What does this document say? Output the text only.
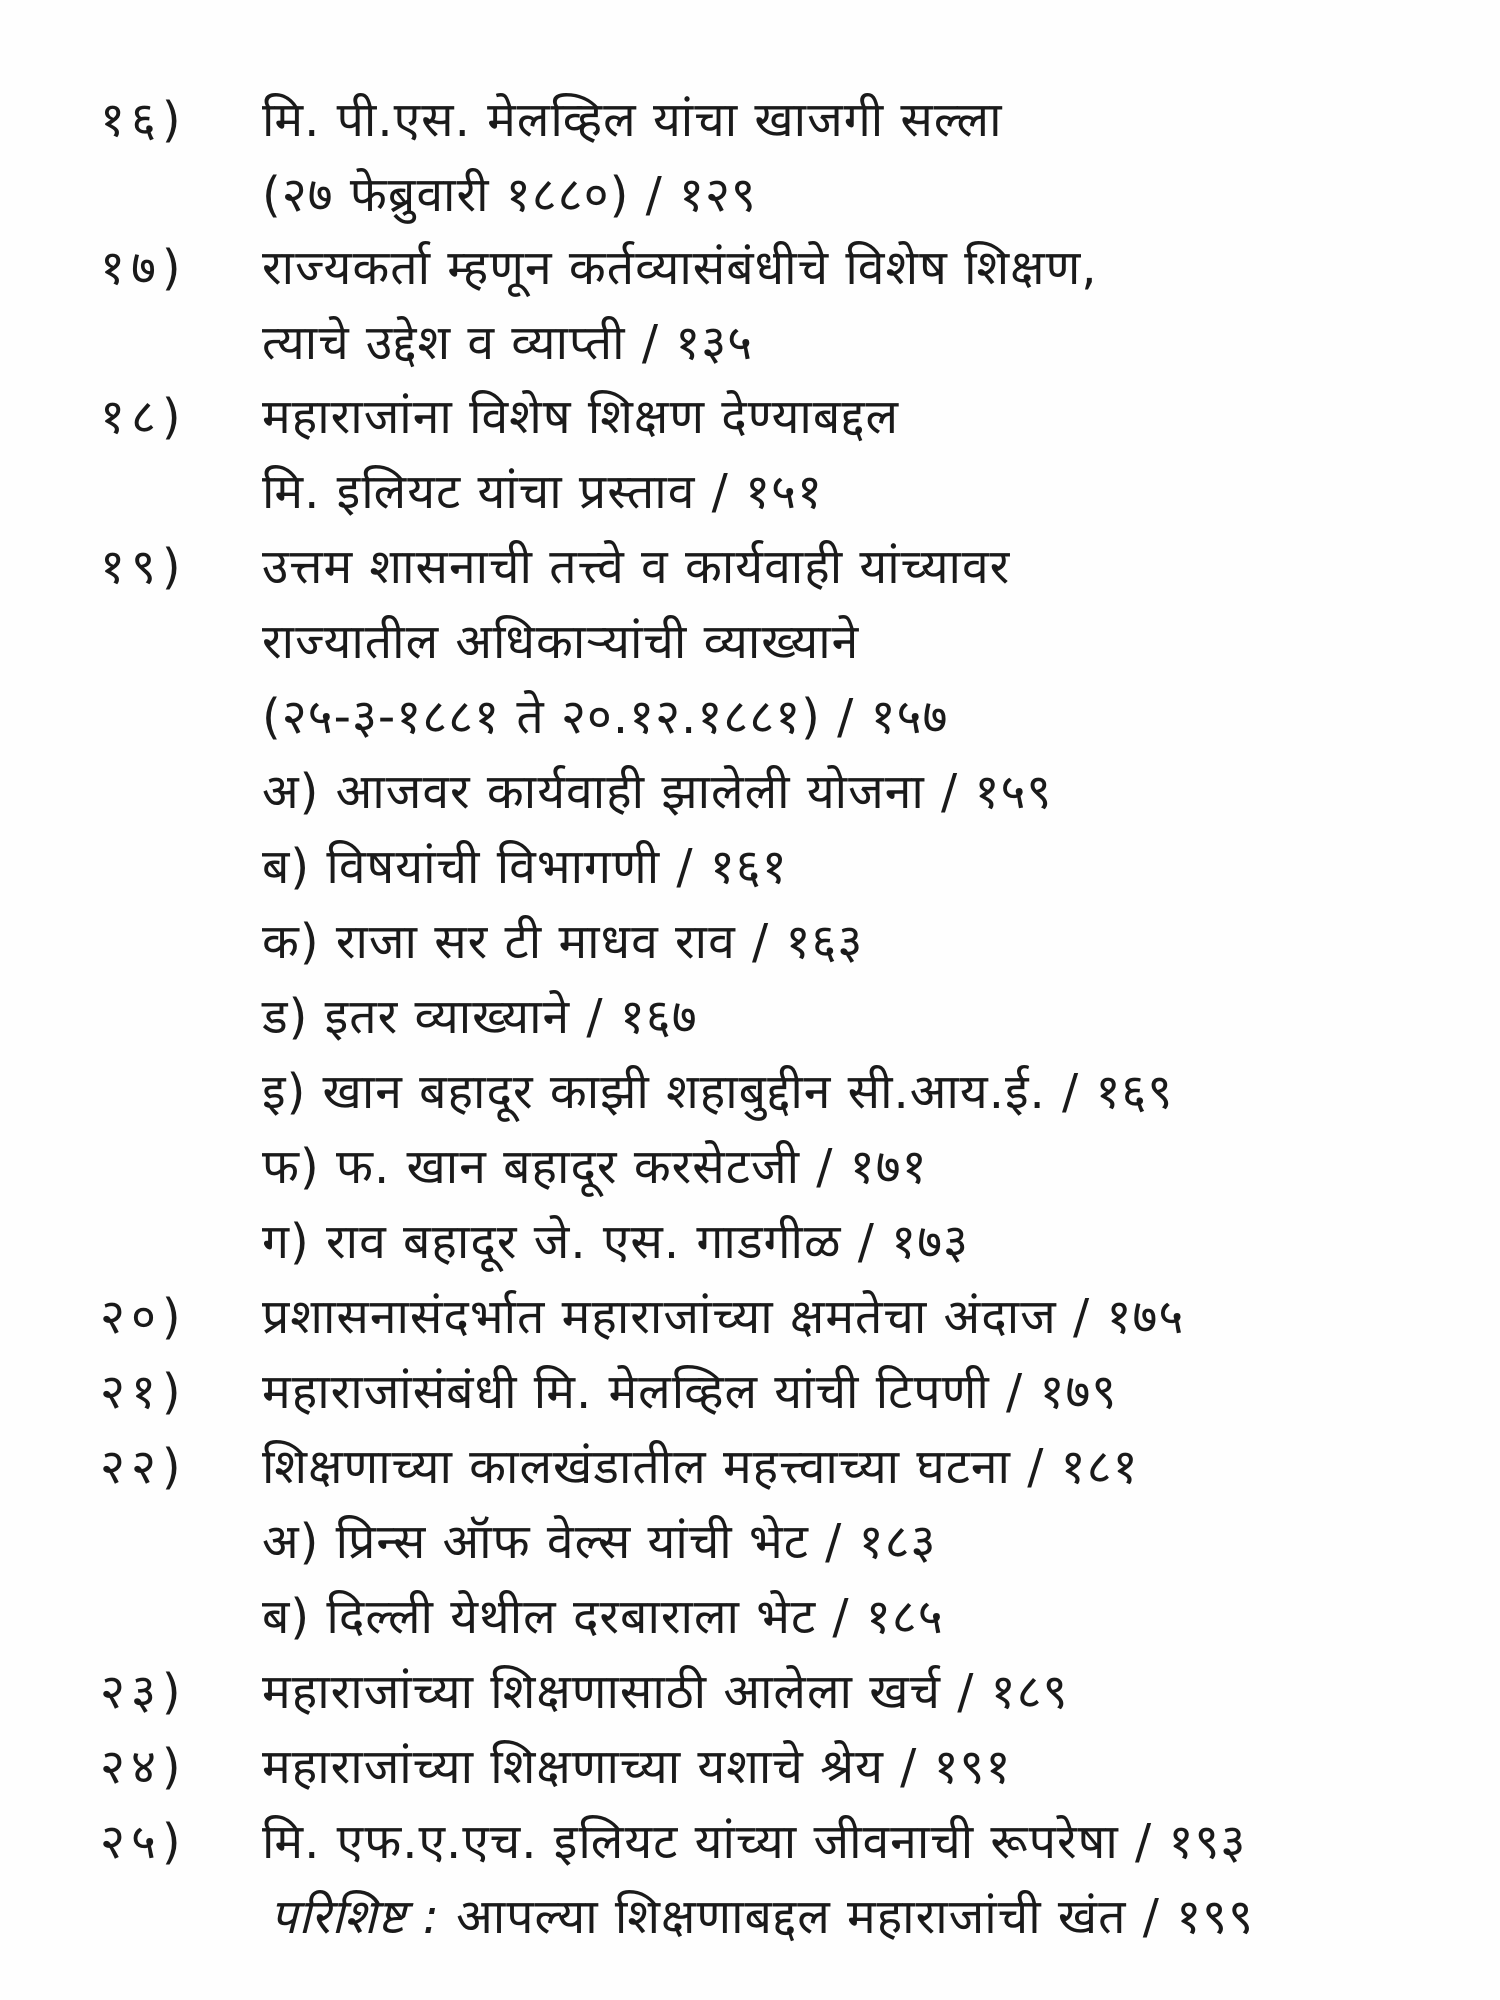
१६)	मि. पी.एस. मेलव्हिल यांचा खाजगी सल्ला
(२७ फेब्रुवारी १८८०) / १२९
१७)	राज्यकर्ता म्हणून कर्तव्यासंबंधीचे विशेष शिक्षण,
त्याचे उद्देश व व्याप्ती / १३५
१८)	महाराजांना विशेष शिक्षण देण्याबद्दल
मि. इलियट यांचा प्रस्ताव / १५१
१९)	उत्तम शासनाची तत्त्वे व कार्यवाही यांच्यावर
राज्यातील अधिकाऱ्यांची व्याख्याने
(२५-३-१८८१ ते २०.१२.१८८१) / १५७
अ) आजवर कार्यवाही झालेली योजना / १५९
ब) विषयांची विभागणी / १६१
क) राजा सर टी माधव राव / १६३
ड) इतर व्याख्याने / १६७
इ) खान बहादूर काझी शहाबुद्दीन सी.आय.ई. / १६९
फ) फ. खान बहादूर करसेटजी / १७१
ग) राव बहादूर जे. एस. गाडगीळ / १७३
२०)	प्रशासनासंदर्भात महाराजांच्या क्षमतेचा अंदाज / १७५
२१)	महाराजांसंबंधी मि. मेलव्हिल यांची टिपणी / १७९
२२)	शिक्षणाच्या कालखंडातील महत्त्वाच्या घटना / १८१
अ) प्रिन्स ऑफ वेल्स यांची भेट / १८३
ब) दिल्ली येथील दरबाराला भेट / १८५
२३)	महाराजांच्या शिक्षणासाठी आलेला खर्च / १८९
२४)	महाराजांच्या शिक्षणाच्या यशाचे श्रेय / १९१
२५)	मि. एफ.ए.एच. इलियट यांच्या जीवनाची रूपरेषा / १९३
परिशिष्ट : आपल्या शिक्षणाबद्दल महाराजांची खंत / १९९
